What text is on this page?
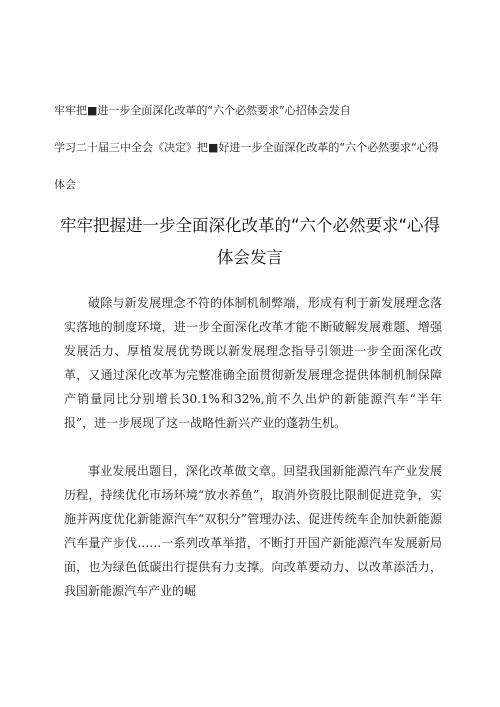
牢牢把■进一步全面深化改革的“六个必然要求”心招体会发自
学习二十届三中全会《决定》把■好进一步全面深化改革的“六个必然要求“心得
体会
牢牢把握进一步全面深化改革的“六个必然要求“心得
体会发言

破除与新发展理念不符的体制机制弊端，形成有利于新发展理念落实落地的制度环境，进一步全面深化改革才能不断破解发展难题、增强发展活力、厚植发展优势既以新发展理念指导引领进一步全面深化改革，又通过深化改革为完整准确全面贯彻新发展理念提供体制机制保障产销量同比分别增长30.1%和32%,前不久出炉的新能源汽车“半年报”，进一步展现了这一战略性新兴产业的蓬勃生机。

事业发展出题目，深化改革做文章。回望我国新能源汽车产业发展历程，持续优化市场环境“放水养鱼”，取消外资股比限制促进竞争，实施并两度优化新能源汽车“双积分”管理办法、促进传统车企加快新能源汽车量产步伐……一系列改革举措，不断打开国产新能源汽车发展新局面，也为绿色低碳出行提供有力支撑。向改革要动力、以改革添活力，我国新能源汽车产业的崛
